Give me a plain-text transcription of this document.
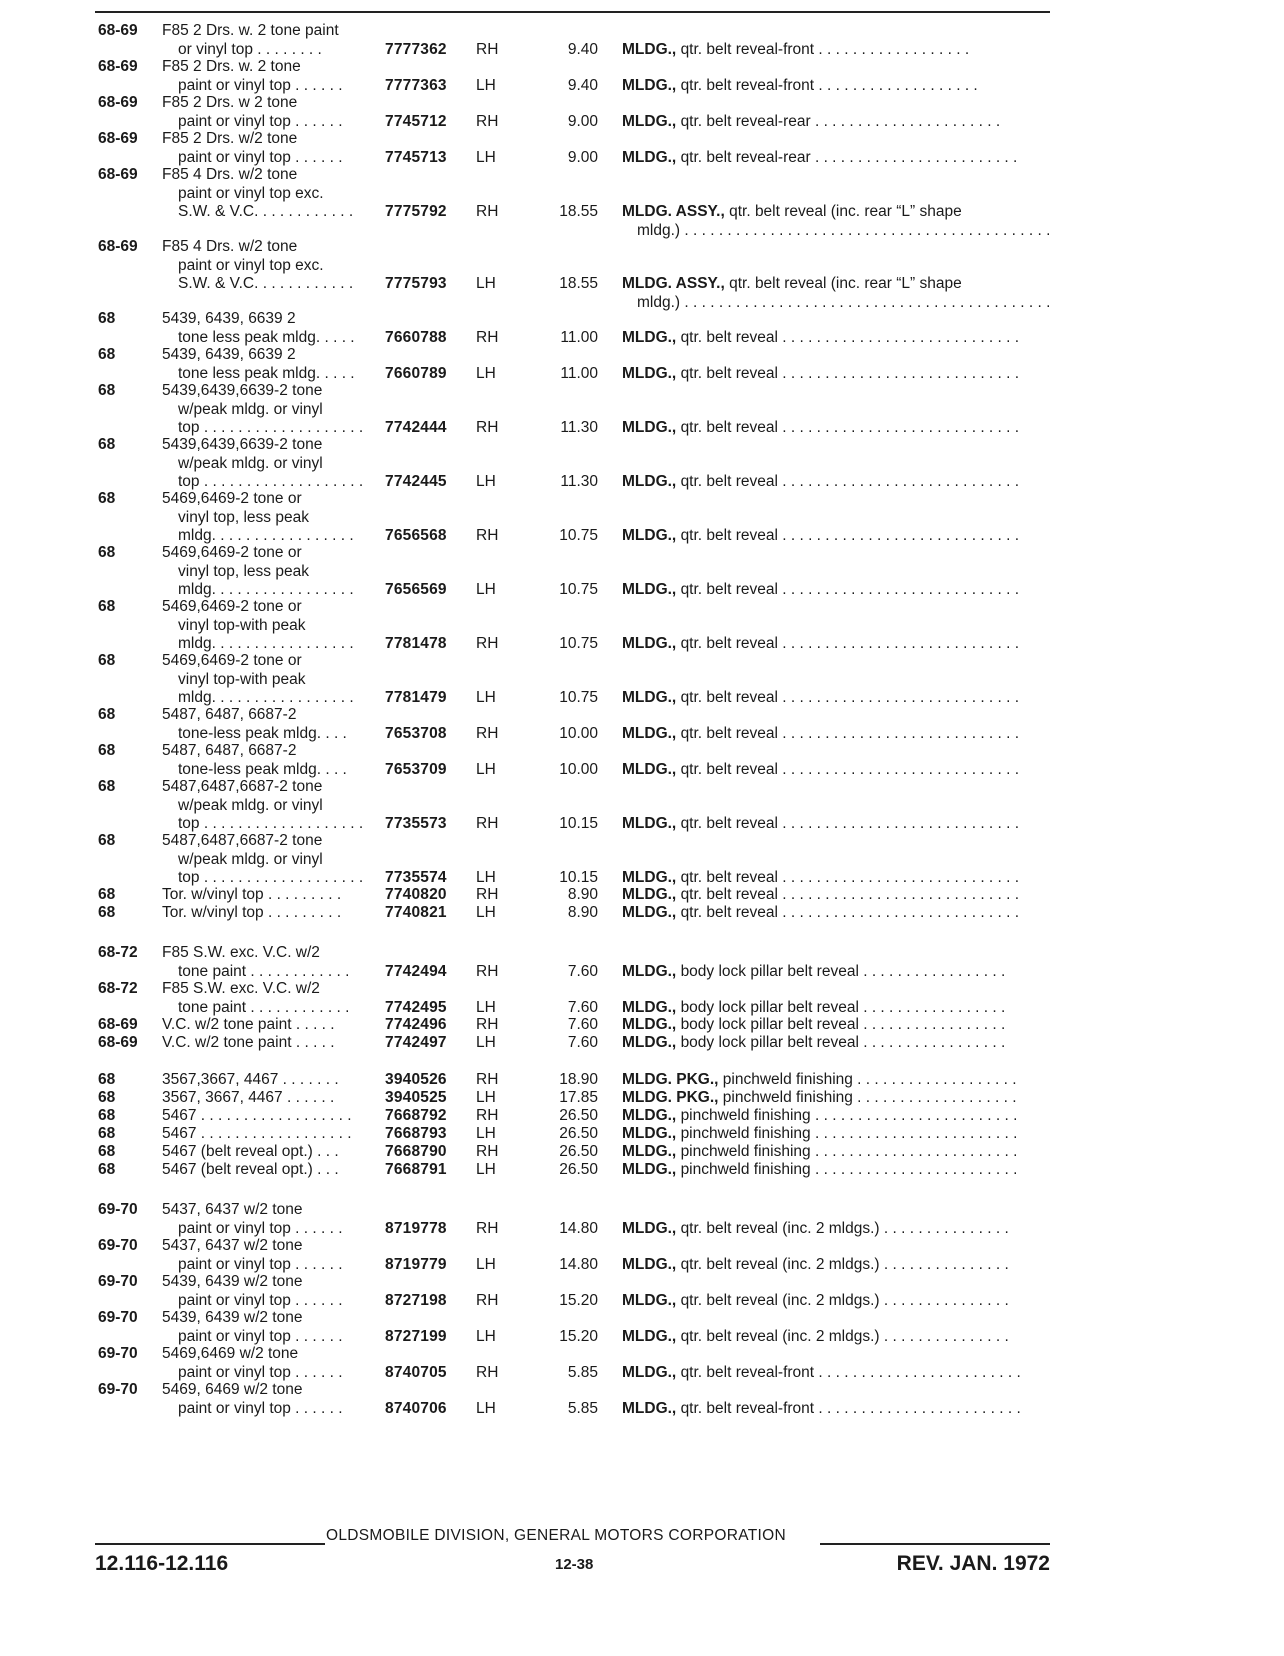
68-69 F85 2 Drs. w. 2 tone paint
or vinyl top . . . . . . . .	7777362 RH	9.40 MLDG., qtr. belt reveal-front . . . . . . . . . . . . . . . . . .
68-69 F85 2 Drs. w. 2 tone
paint or vinyl top . . . . . .	7777363 LH	9.40 MLDG., qtr. belt reveal-front . . . . . . . . . . . . . . . . . . .
68-69 F85 2 Drs. w 2 tone
paint or vinyl top . . . . . .	7745712 RH	9.00 MLDG., qtr. belt reveal-rear . . . . . . . . . . . . . . . . . . . . . .
68-69 F85 2 Drs. w/2 tone
paint or vinyl top . . . . . .	7745713 LH	9.00 MLDG., qtr. belt reveal-rear . . . . . . . . . . . . . . . . . . . . . . . .
68-69 F85 4 Drs. w/2 tone
paint or vinyl top exc.
S.W. & V.C. . . . . . . . . . . . 7775792 RH	18.55 MLDG. ASSY., qtr. belt reveal (inc. rear “L” shape
mldg.) . . . . . . . . . . . . . . . . . . . . . . . . . . . . . . . . . . . . . . . . . . .
68-69 F85 4 Drs. w/2 tone
paint or vinyl top exc.
S.W. & V.C. . . . . . . . . . . . 7775793 LH	18.55 MLDG. ASSY., qtr. belt reveal (inc. rear “L” shape
mldg.) . . . . . . . . . . . . . . . . . . . . . . . . . . . . . . . . . . . . . . . . . . .
68	5439, 6439, 6639 2
tone less peak mldg. . . . . 7660788 RH	11.00 MLDG., qtr. belt reveal . . . . . . . . . . . . . . . . . . . . . . . . . . . .
68	5439, 6439, 6639 2
tone less peak mldg. . . . . 7660789 LH	11.00 MLDG., qtr. belt reveal . . . . . . . . . . . . . . . . . . . . . . . . . . . .
68	5439,6439,6639-2 tone
w/peak mldg. or vinyl
top . . . . . . . . . . . . . . . . . . . 7742444 RH	11.30 MLDG., qtr. belt reveal . . . . . . . . . . . . . . . . . . . . . . . . . . . .
68	5439,6439,6639-2 tone
w/peak mldg. or vinyl
top . . . . . . . . . . . . . . . . . . . 7742445 LH	11.30 MLDG., qtr. belt reveal . . . . . . . . . . . . . . . . . . . . . . . . . . . .
68	5469,6469-2 tone or
vinyl top, less peak
mldg. . . . . . . . . . . . . . . . . 7656568 RH	10.75 MLDG., qtr. belt reveal . . . . . . . . . . . . . . . . . . . . . . . . . . . .
68	5469,6469-2 tone or
vinyl top, less peak
mldg. . . . . . . . . . . . . . . . . 7656569 LH	10.75 MLDG., qtr. belt reveal . . . . . . . . . . . . . . . . . . . . . . . . . . . .
68	5469,6469-2 tone or
vinyl top-with peak
mldg. . . . . . . . . . . . . . . . . 7781478 RH	10.75 MLDG., qtr. belt reveal . . . . . . . . . . . . . . . . . . . . . . . . . . . .
68	5469,6469-2 tone or
vinyl top-with peak
mldg. . . . . . . . . . . . . . . . . 7781479 LH	10.75 MLDG., qtr. belt reveal . . . . . . . . . . . . . . . . . . . . . . . . . . . .
68	5487, 6487, 6687-2
tone-less peak mldg. . . . 7653708 RH	10.00 MLDG., qtr. belt reveal . . . . . . . . . . . . . . . . . . . . . . . . . . . .
68	5487, 6487, 6687-2
tone-less peak mldg. . . . 7653709 LH	10.00 MLDG., qtr. belt reveal . . . . . . . . . . . . . . . . . . . . . . . . . . . .
68	5487,6487,6687-2 tone
w/peak mldg. or vinyl
top . . . . . . . . . . . . . . . . . . . 7735573 RH	10.15 MLDG., qtr. belt reveal . . . . . . . . . . . . . . . . . . . . . . . . . . . .
68	5487,6487,6687-2 tone
w/peak mldg. or vinyl
top . . . . . . . . . . . . . . . . . . . 7735574 LH	10.15 MLDG., qtr. belt reveal . . . . . . . . . . . . . . . . . . . . . . . . . . . .
68	Tor. w/vinyl top . . . . . . . . .	7740820 RH	8.90 MLDG., qtr. belt reveal . . . . . . . . . . . . . . . . . . . . . . . . . . . .
68	Tor. w/vinyl top . . . . . . . . .	7740821 LH	8.90 MLDG., qtr. belt reveal . . . . . . . . . . . . . . . . . . . . . . . . . . . .
68-72 F85 S.W. exc. V.C. w/2
tone paint . . . . . . . . . . . . 7742494 RH	7.60 MLDG., body lock pillar belt reveal . . . . . . . . . . . . . . . . .
68-72 F85 S.W. exc. V.C. w/2
tone paint . . . . . . . . . . . . 7742495 LH	7.60 MLDG., body lock pillar belt reveal . . . . . . . . . . . . . . . . .
68-69 V.C. w/2 tone paint . . . . .	7742496 RH	7.60 MLDG., body lock pillar belt reveal . . . . . . . . . . . . . . . . .
68-69 V.C. w/2 tone paint . . . . .	7742497 LH	7.60 MLDG., body lock pillar belt reveal . . . . . . . . . . . . . . . . .
68	3567,3667, 4467 . . . . . . .	3940526 RH	18.90 MLDG. PKG., pinchweld finishing . . . . . . . . . . . . . . . . . . .
68	3567, 3667, 4467 . . . . . .	3940525 LH	17.85 MLDG. PKG., pinchweld finishing . . . . . . . . . . . . . . . . . . .
68	5467 . . . . . . . . . . . . . . . . . . 7668792 RH	26.50 MLDG., pinchweld finishing . . . . . . . . . . . . . . . . . . . . . . . .
68	5467 . . . . . . . . . . . . . . . . . . 7668793 LH	26.50 MLDG., pinchweld finishing . . . . . . . . . . . . . . . . . . . . . . . .
68	5467 (belt reveal opt.) . . .	7668790 RH	26.50 MLDG., pinchweld finishing . . . . . . . . . . . . . . . . . . . . . . . .
68	5467 (belt reveal opt.) . . .	7668791 LH	26.50 MLDG., pinchweld finishing . . . . . . . . . . . . . . . . . . . . . . . .
69-70 5437, 6437 w/2 tone
paint or vinyl top . . . . . .	8719778 RH	14.80 MLDG., qtr. belt reveal (inc. 2 mldgs.) . . . . . . . . . . . . . . .
69-70 5437, 6437 w/2 tone
paint or vinyl top . . . . . .	8719779 LH	14.80 MLDG., qtr. belt reveal (inc. 2 mldgs.) . . . . . . . . . . . . . . .
69-70 5439, 6439 w/2 tone
paint or vinyl top . . . . . .	8727198 RH	15.20 MLDG., qtr. belt reveal (inc. 2 mldgs.) . . . . . . . . . . . . . . .
69-70 5439, 6439 w/2 tone
paint or vinyl top . . . . . .	8727199 LH	15.20 MLDG., qtr. belt reveal (inc. 2 mldgs.) . . . . . . . . . . . . . . .
69-70 5469,6469 w/2 tone
paint or vinyl top . . . . . .	8740705 RH	5.85 MLDG., qtr. belt reveal-front . . . . . . . . . . . . . . . . . . . . . . . .
69-70 5469, 6469 w/2 tone
paint or vinyl top . . . . . .	8740706 LH	5.85 MLDG., qtr. belt reveal-front . . . . . . . . . . . . . . . . . . . . . . . .
OLDSMOBILE DIVISION, GENERAL MOTORS CORPORATION
12.116-12.116	12-38	REV. JAN. 1972
